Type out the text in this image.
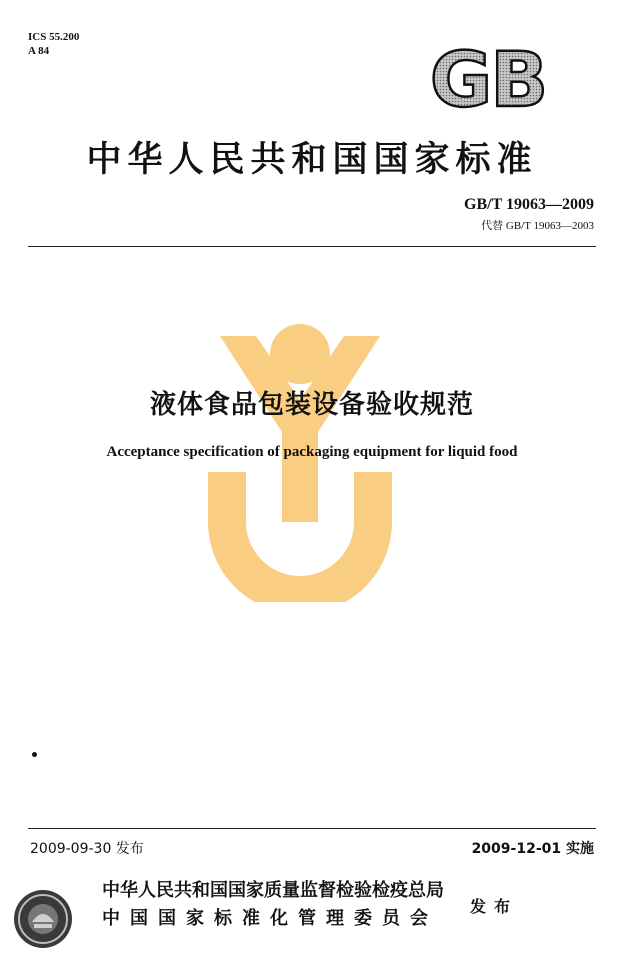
ICS 55.200
A 84	GB
中华人民共和国国家标准
GB/T 19063—2009
代替 GB/T 19063—2003
液体食品包装设备验收规范
Acceptance specification of packaging equipment for liquid food
2009-09-30 发布	2009-12-01 实施
中华人民共和国国家质量监督检验检疫总局
中国国家标准化管理委员会
发布
